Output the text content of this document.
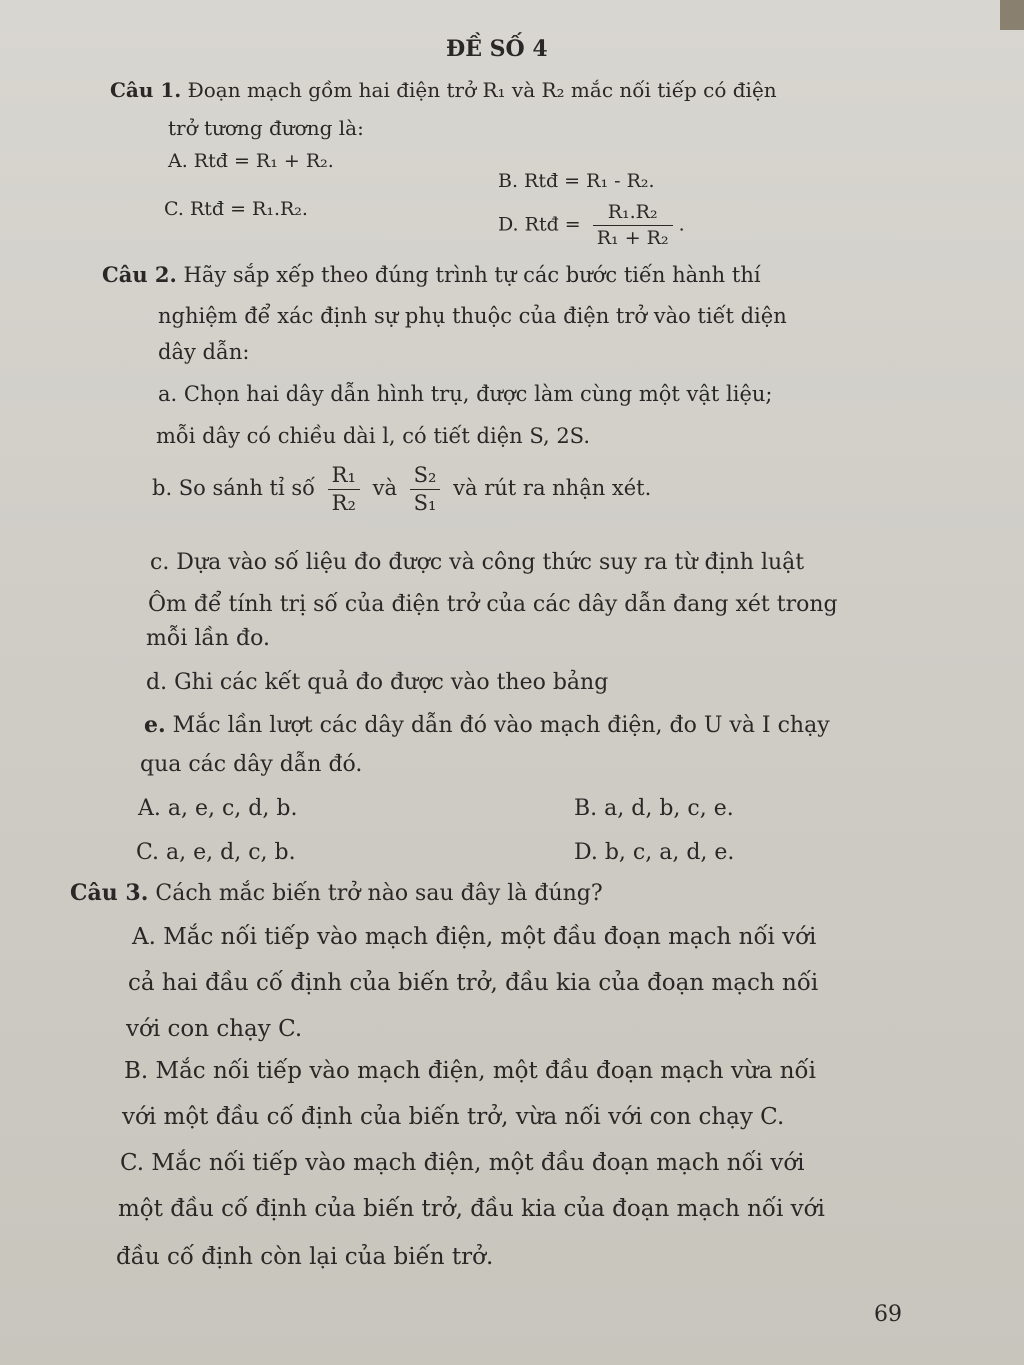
ĐỀ SỐ 4
Câu 1. Đoạn mạch gồm hai điện trở R₁ và R₂ mắc nối tiếp có điện
trở tương đương là:
A. Rtđ = R₁ + R₂.
B. Rtđ = R₁ - R₂.
C. Rtđ = R₁.R₂.
D. Rtđ = $\frac{\text{R₁.R₂}}{\text{R₁ + R₂}}$ .
Câu 2. Hãy sắp xếp theo đúng trình tự các bước tiến hành thí
nghiệm để xác định sự phụ thuộc của điện trở vào tiết diện
dây dẫn:
a. Chọn hai dây dẫn hình trụ, được làm cùng một vật liệu;
mỗi dây có chiều dài l, có tiết diện S, 2S.
b. So sánh tỉ số $\frac{\text{R₁}}{\text{R₂}}$ và $\frac{\text{S₂}}{\text{S₁}}$ và rút ra nhận xét.
c. Dựa vào số liệu đo được và công thức suy ra từ định luật
Ôm để tính trị số của điện trở của các dây dẫn đang xét trong
mỗi lần đo.
d. Ghi các kết quả đo được vào theo bảng
e. Mắc lần lượt các dây dẫn đó vào mạch điện, đo U và I chạy
qua các dây dẫn đó.
A. a, e, c, d, b.	B. a, d, b, c, e.
C. a, e, d, c, b.	D. b, c, a, d, e.
Câu 3. Cách mắc biến trở nào sau đây là đúng?
A. Mắc nối tiếp vào mạch điện, một đầu đoạn mạch nối với
cả hai đầu cố định của biến trở, đầu kia của đoạn mạch nối
với con chạy C.
B. Mắc nối tiếp vào mạch điện, một đầu đoạn mạch vừa nối
với một đầu cố định của biến trở, vừa nối với con chạy C.
C. Mắc nối tiếp vào mạch điện, một đầu đoạn mạch nối với
một đầu cố định của biến trở, đầu kia của đoạn mạch nối với
đầu cố định còn lại của biến trở.
69
